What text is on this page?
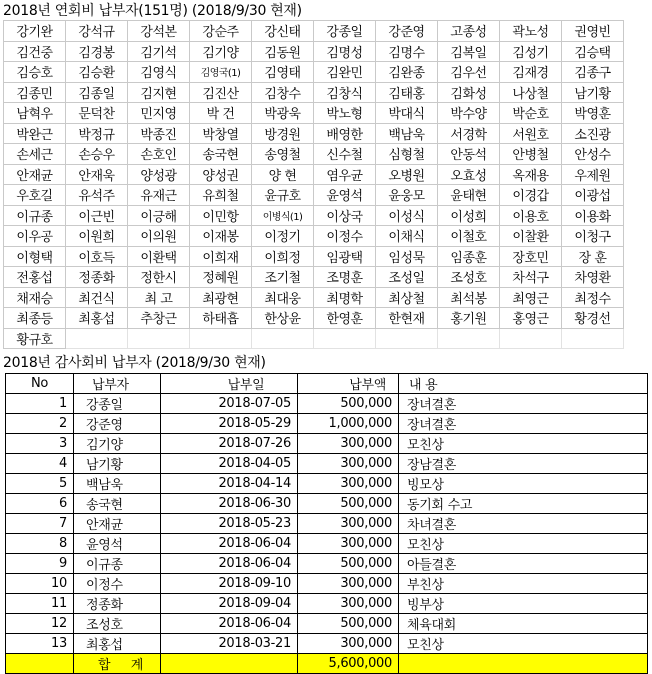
2018년 연회비 납부자(151명) (2018/9/30 현재)
강기완	강석규	강석본	강순주	강신태	강종일	강준영	고종성	곽노성	권영빈
김건중	김경봉	김기석	김기양	김동원	김명성	김명수	김복일	김성기	김승택
김승호	김승환	김영식	김영국(1)	김영태	김완민	김완종	김우선	김재경	김종구
김종민	김종일	김지현	김진산	김창수	김창식	김태홍	김화성	나상철	남기황
남혁우	문덕찬	민지영	박 건	박광욱	박노형	박대식	박수양	박순호	박영훈
박완근	박정규	박종진	박창열	방경원	배영한	백남욱	서경학	서원호	소진광
손세근	손승우	손호인	송국현	송영철	신수철	심형철	안동석	안병철	안성수
안재균	안재욱	양성광	양성권	양 현	염우균	오병원	오효성	옥재용	우제원
우호길	유석주	유재근	유희철	윤규호	윤영석	윤웅모	윤태현	이경갑	이광섭
이규종	이근빈	이긍해	이민항	이병식(1)	이상국	이성식	이성희	이용호	이용화
이우공	이원희	이의원	이재봉	이정기	이정수	이채식	이철호	이찰환	이청구
이형택	이호득	이환택	이희재	이희정	임광택	임성묵	임종훈	장호민	장 훈
전홍섭	정종화	정한시	정혜원	조기철	조명훈	조성일	조성호	차석구	차영환
채재승	최건식	최 고	최광현	최대웅	최명학	최상철	최석봉	최영근	최정수
최종등	최홍섭	추창근	하태흡	한상윤	한영훈	한현재	홍기원	홍영근	황경선
황규호									
2018년 감사회비 납부자 (2018/9/30 현재)
No	납부자	납부일	납부액	내 용
1	강종일	2018-07-05	500,000	장녀결혼
2	강준영	2018-05-29	1,000,000	장녀결혼
3	김기양	2018-07-26	300,000	모친상
4	남기황	2018-04-05	300,000	장남결혼
5	백남욱	2018-04-14	300,000	빙모상
6	송국현	2018-06-30	500,000	동기회 수고
7	안재균	2018-05-23	300,000	차녀결혼
8	윤영석	2018-06-04	300,000	모친상
9	이규종	2018-06-04	500,000	아들결혼
10	이정수	2018-09-10	300,000	부친상
11	정종화	2018-09-04	300,000	빙부상
12	조성호	2018-06-04	500,000	체육대회
13	최홍섭	2018-03-21	300,000	모친상
	합 계		5,600,000	
